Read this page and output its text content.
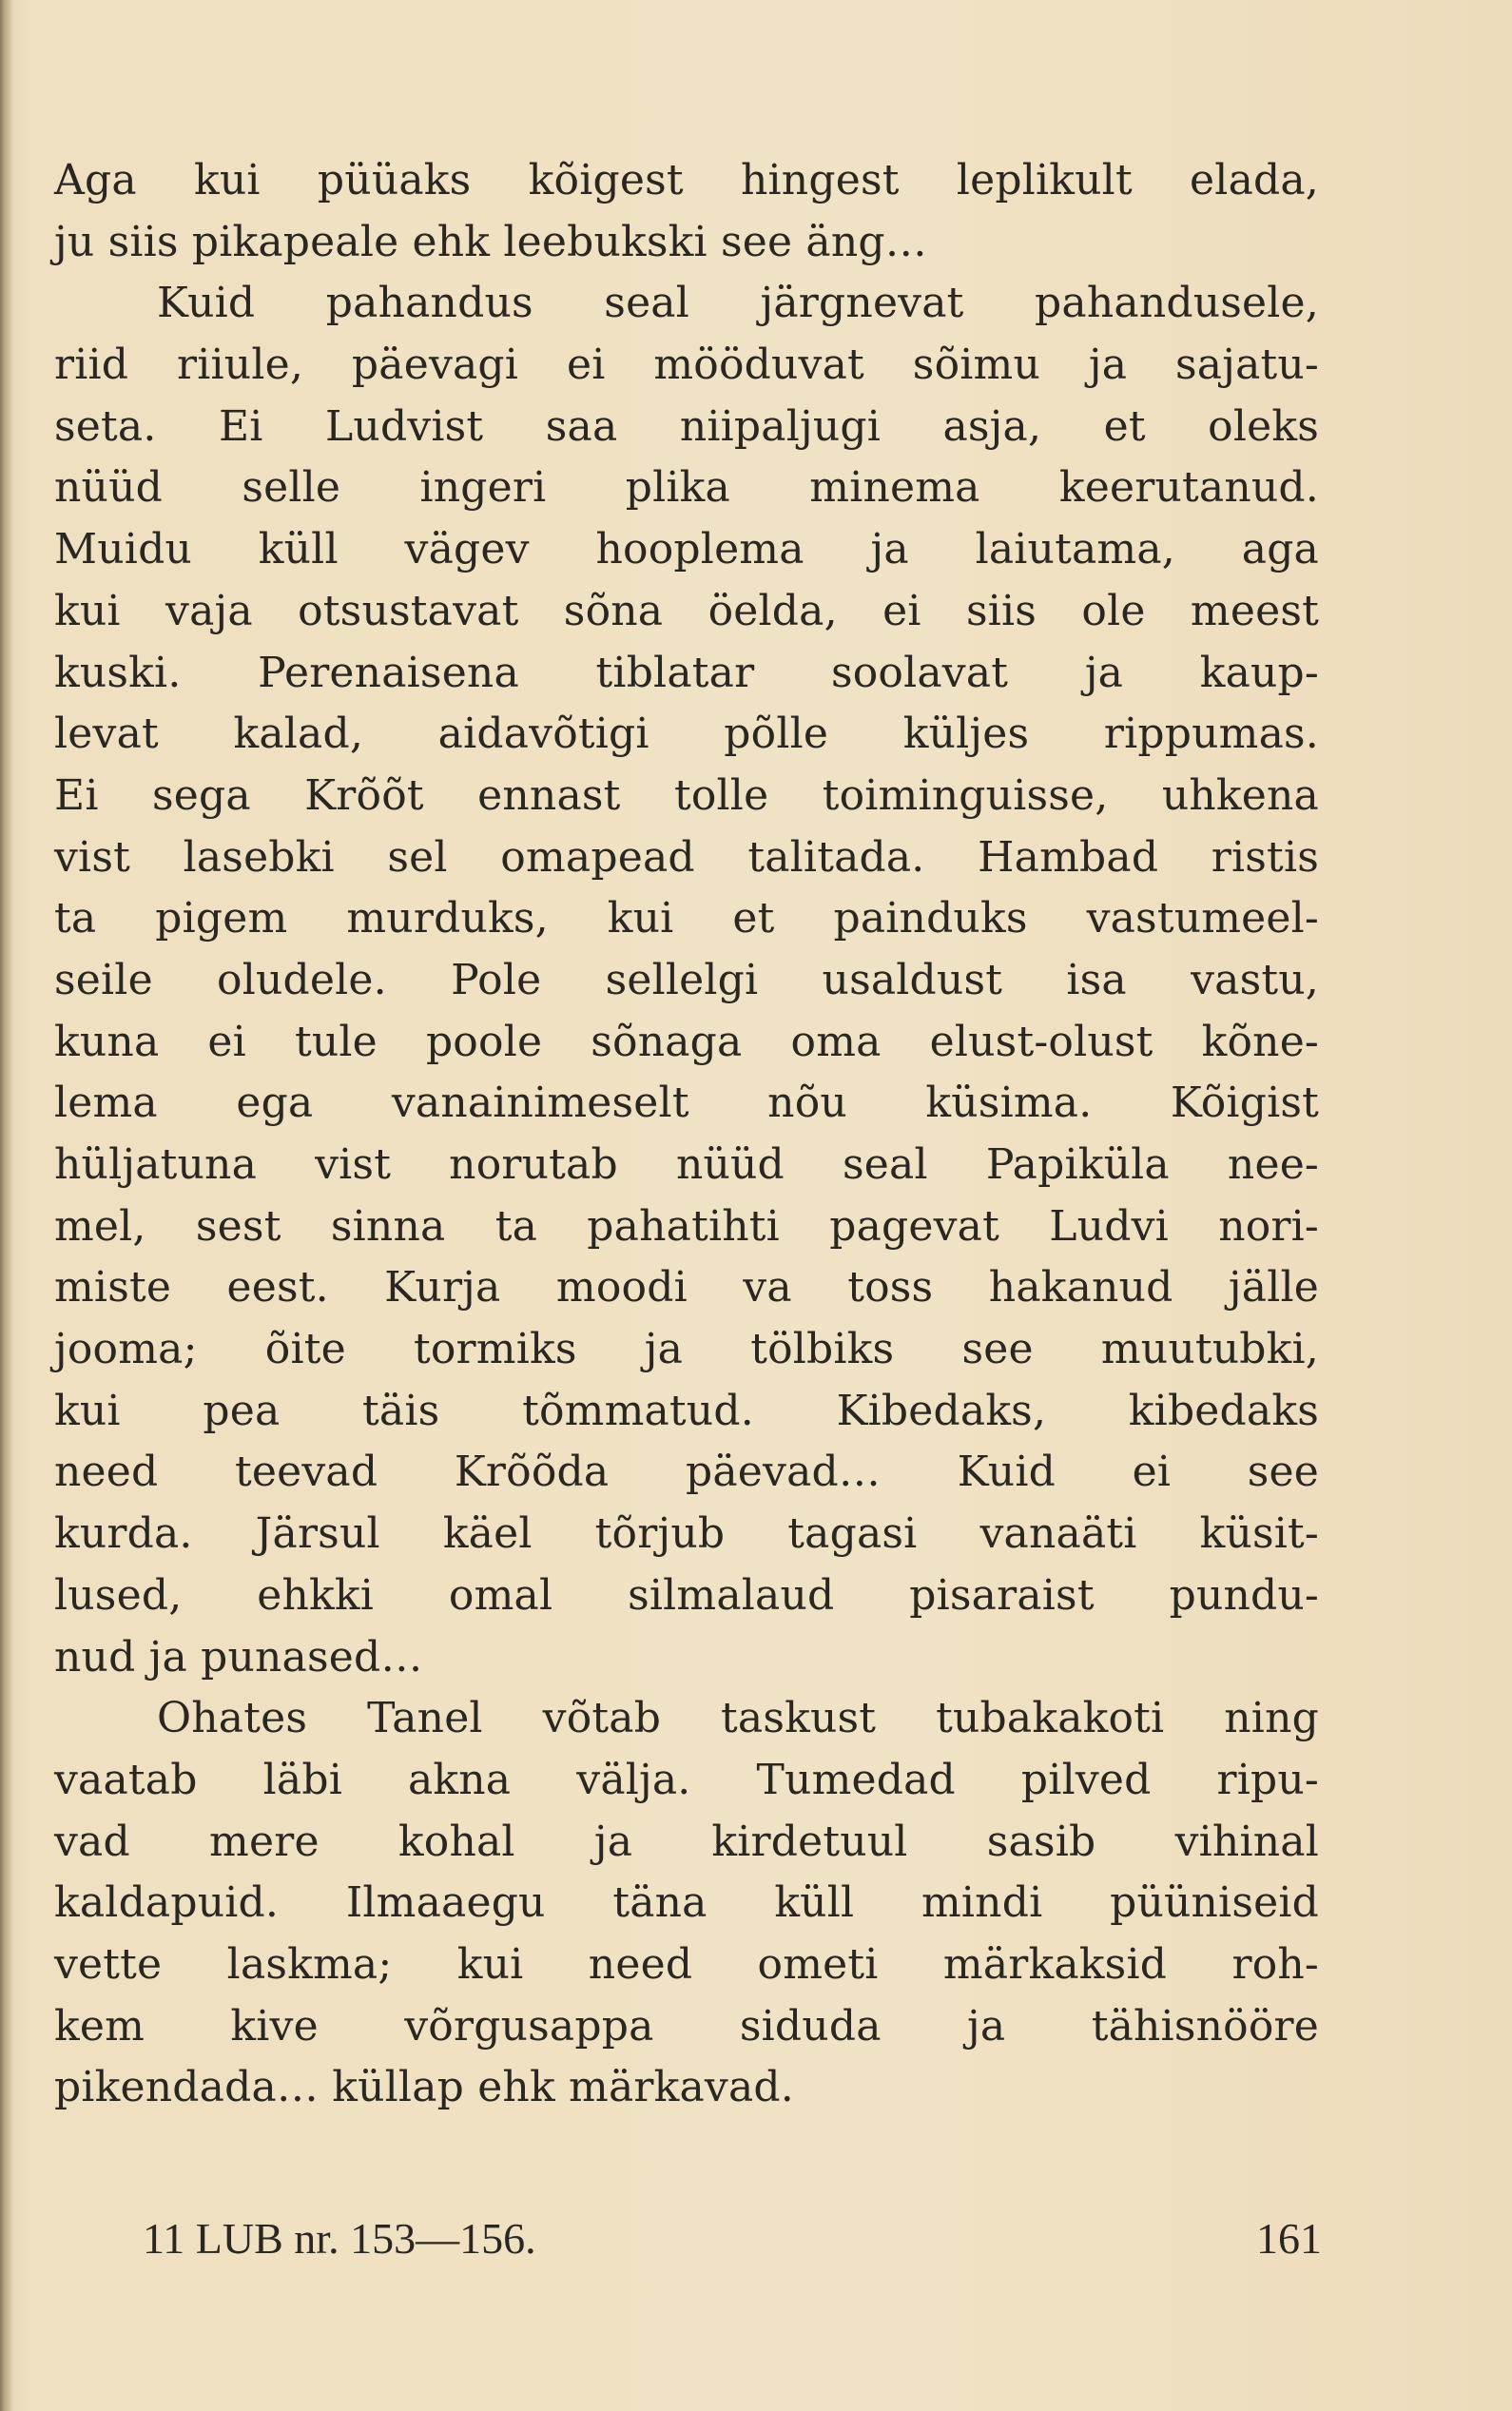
Aga kui püüaks kõigest hingest leplikult elada,
ju siis pikapeale ehk leebukski see äng…
Kuid pahandus seal järgnevat pahandusele,
riid riiule, päevagi ei mööduvat sõimu ja sajatu-
seta. Ei Ludvist saa niipaljugi asja, et oleks
nüüd selle ingeri plika minema keerutanud.
Muidu küll vägev hooplema ja laiutama, aga
kui vaja otsustavat sõna öelda, ei siis ole meest
kuski. Perenaisena tiblatar soolavat ja kaup-
levat kalad, aidavõtigi põlle küljes rippumas.
Ei sega Krõõt ennast tolle toiminguisse, uhkena
vist lasebki sel omapead talitada. Hambad ristis
ta pigem murduks, kui et painduks vastumeel-
seile oludele. Pole sellelgi usaldust isa vastu,
kuna ei tule poole sõnaga oma elust-olust kõne-
lema ega vanainimeselt nõu küsima. Kõigist
hüljatuna vist norutab nüüd seal Papiküla nee-
mel, sest sinna ta pahatihti pagevat Ludvi nori-
miste eest. Kurja moodi va toss hakanud jälle
jooma; õite tormiks ja tölbiks see muutubki,
kui pea täis tõmmatud. Kibedaks, kibedaks
need teevad Krõõda päevad… Kuid ei see
kurda. Järsul käel tõrjub tagasi vanaäti küsit-
lused, ehkki omal silmalaud pisaraist pundu-
nud ja punased…
Ohates Tanel võtab taskust tubakakoti ning
vaatab läbi akna välja. Tumedad pilved ripu-
vad mere kohal ja kirdetuul sasib vihinal
kaldapuid. Ilmaaegu täna küll mindi püüniseid
vette laskma; kui need ometi märkaksid roh-
kem kive võrgusappa siduda ja tähisnööre
pikendada… küllap ehk märkavad.
11 LUB nr. 153—156.	161
